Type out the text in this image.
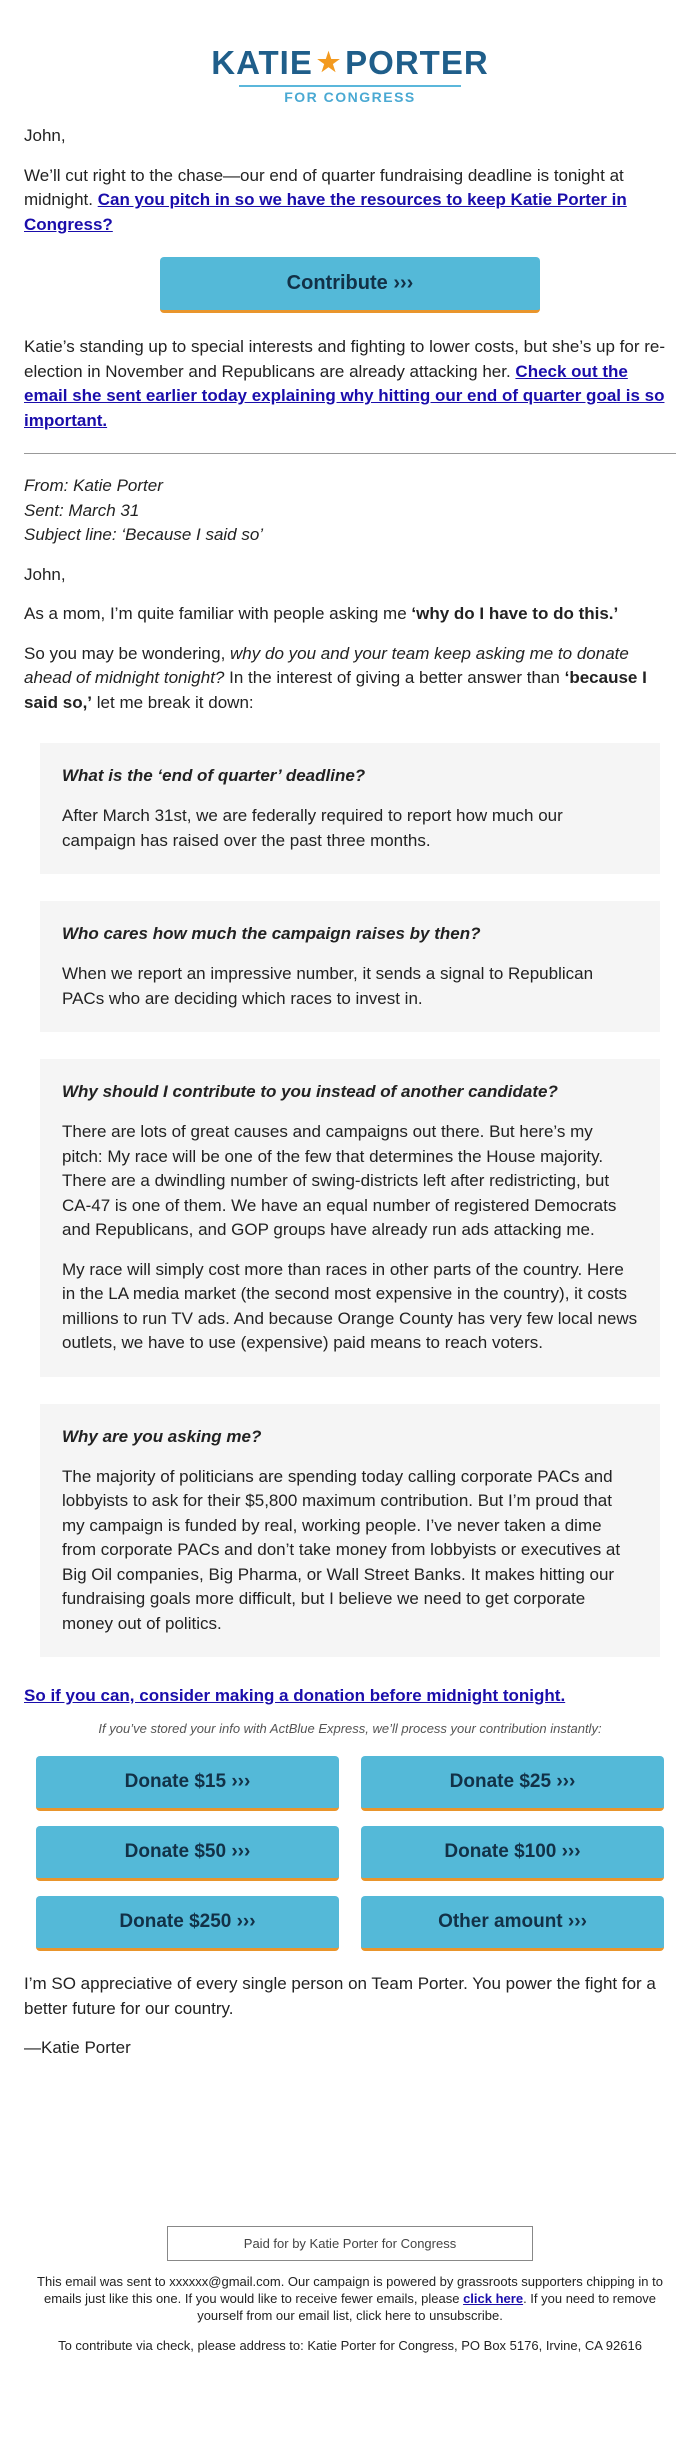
KATIE ★ PORTER
FOR CONGRESS

John,

We’ll cut right to the chase—our end of quarter fundraising deadline is tonight at midnight. Can you pitch in so we have the resources to keep Katie Porter in Congress?

Contribute ›››

Katie’s standing up to special interests and fighting to lower costs, but she’s up for re-election in November and Republicans are already attacking her. Check out the email she sent earlier today explaining why hitting our end of quarter goal is so important.

From: Katie Porter

Sent: March 31

Subject line: ‘Because I said so’

John,

As a mom, I’m quite familiar with people asking me ‘why do I have to do this.’

So you may be wondering, why do you and your team keep asking me to donate ahead of midnight tonight? In the interest of giving a better answer than ‘because I said so,’ let me break it down:

What is the ‘end of quarter’ deadline?

After March 31st, we are federally required to report how much our campaign has raised over the past three months.

Who cares how much the campaign raises by then?

When we report an impressive number, it sends a signal to Republican PACs who are deciding which races to invest in.

Why should I contribute to you instead of another candidate?

There are lots of great causes and campaigns out there. But here’s my pitch: My race will be one of the few that determines the House majority. There are a dwindling number of swing-districts left after redistricting, but CA-47 is one of them. We have an equal number of registered Democrats and Republicans, and GOP groups have already run ads attacking me.

My race will simply cost more than races in other parts of the country. Here in the LA media market (the second most expensive in the country), it costs millions to run TV ads. And because Orange County has very few local news outlets, we have to use (expensive) paid means to reach voters.

Why are you asking me?

The majority of politicians are spending today calling corporate PACs and lobbyists to ask for their $5,800 maximum contribution. But I’m proud that my campaign is funded by real, working people. I’ve never taken a dime from corporate PACs and don’t take money from lobbyists or executives at Big Oil companies, Big Pharma, or Wall Street Banks. It makes hitting our fundraising goals more difficult, but I believe we need to get corporate money out of politics.

So if you can, consider making a donation before midnight tonight.

If you’ve stored your info with ActBlue Express, we’ll process your contribution instantly:
Donate $15 ›››	Donate $25 ›››
Donate $50 ›››	Donate $100 ›››
Donate $250 ›››	Other amount ›››

I’m SO appreciative of every single person on Team Porter. You power the fight for a better future for our country.

—Katie Porter

Paid for by Katie Porter for Congress

This email was sent to xxxxxx@gmail.com. Our campaign is powered by grassroots supporters chipping in to emails just like this one. If you would like to receive fewer emails, please click here. If you need to remove yourself from our email list, click here to unsubscribe.

To contribute via check, please address to: Katie Porter for Congress, PO Box 5176, Irvine, CA 92616
